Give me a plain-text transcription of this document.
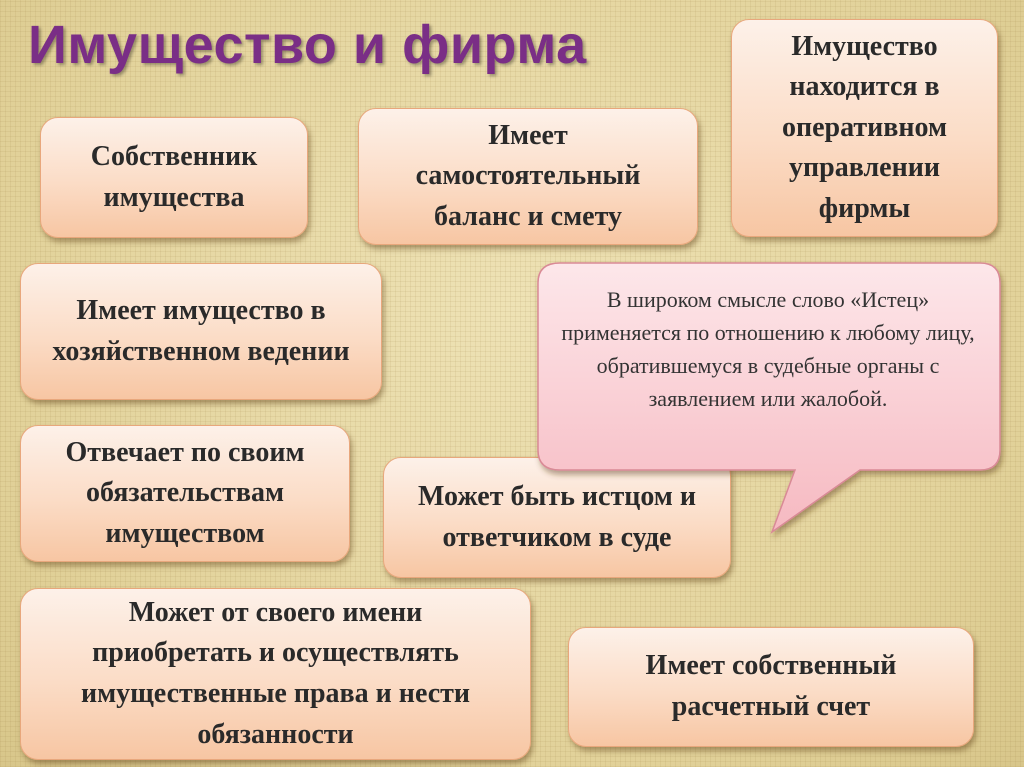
Имущество и фирма
Собственник имущества
Имеет самостоятельный баланс и смету
Имущество находится в оперативном управлении фирмы
Имеет имущество в хозяйственном ведении
Отвечает по своим обязательствам имуществом
Может быть истцом и ответчиком в суде
Может от своего имени приобретать и осуществлять имущественные права и нести обязанности
Имеет собственный расчетный счет
В широком смысле слово «Истец» применяется по отношению к любому лицу, обратившемуся в судебные органы с заявлением или жалобой.
